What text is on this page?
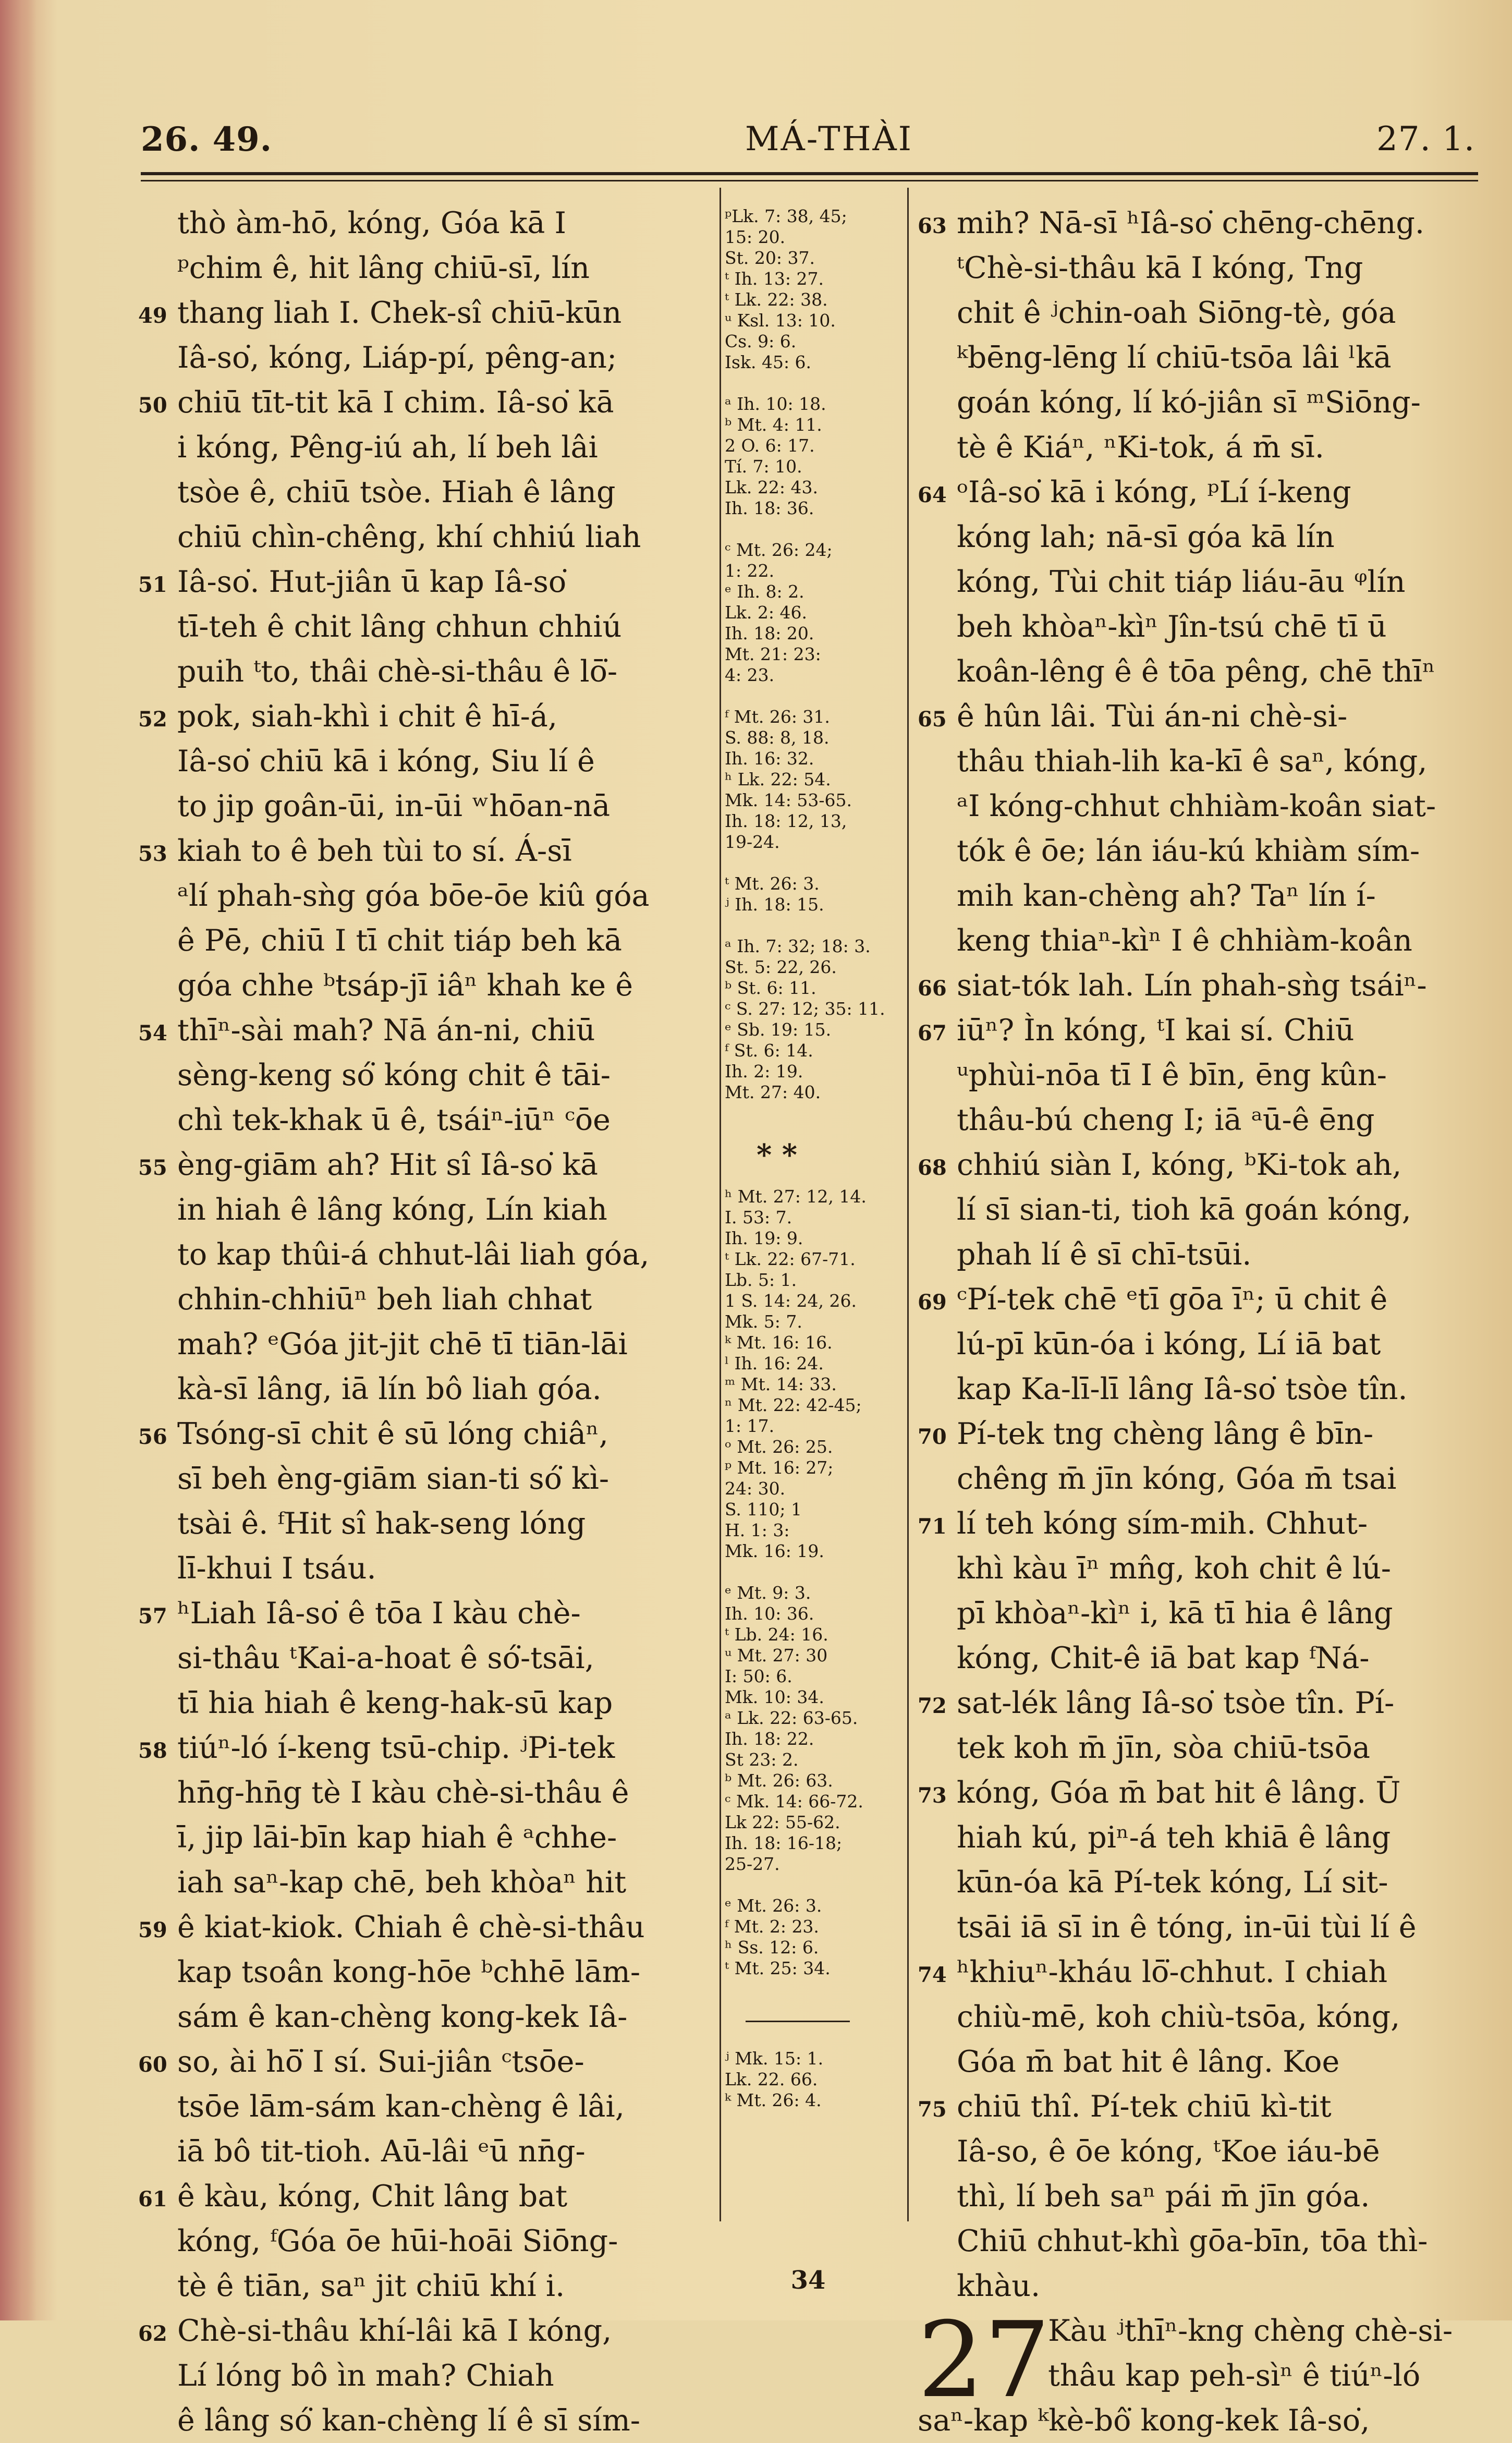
26. 49.	MÁ-THÀI	27. 1.
thò àm-hō, kóng, Góa kā I
ᵖchim ê, hit lâng chiū-sī, lín
49 thang liah I. Chek-sî chiū-kūn
Iâ-so͘, kóng, Liáp-pí, pêng-an;
50 chiū tīt-tit kā I chim. Iâ-so͘ kā
i kóng, Pêng-iú ah, lí beh lâi
tsòe ê, chiū tsòe. Hiah ê lâng
chiū chìn-chêng, khí chhiú liah
51 Iâ-so͘. Hut-jiân ū kap Iâ-so͘
tī-teh ê chit lâng chhun chhiú
puih ᵗto, thâi chè-si-thâu ê lō͘-
52 pok, siah-khì i chit ê hī-á,
Iâ-so͘ chiū kā i kóng, Siu lí ê
to jip goân-ūi, in-ūi ʷhōan-nā
53 kiah to ê beh tùi to sí. Á-sī
ᵃlí phah-sǹg góa bōe-ōe kiû góa
ê Pē, chiū I tī chit tiáp beh kā
góa chhe ᵇtsáp-jī iâⁿ khah ke ê
54 thīⁿ-sài mah? Nā án-ni, chiū
sèng-keng só͘ kóng chit ê tāi-
chì tek-khak ū ê, tsáiⁿ-iūⁿ ᶜōe
55 èng-giām ah? Hit sî Iâ-so͘ kā
in hiah ê lâng kóng, Lín kiah
to kap thûi-á chhut-lâi liah góa,
chhin-chhiūⁿ beh liah chhat
mah? ᵉGóa jit-jit chē tī tiān-lāi
kà-sī lâng, iā lín bô liah góa.
56 Tsóng-sī chit ê sū lóng chiâⁿ,
sī beh èng-giām sian-ti só͘ kì-
tsài ê. ᶠHit sî hak-seng lóng
lī-khui I tsáu.
57 ʰLiah Iâ-so͘ ê tōa I kàu chè-
si-thâu ᵗKai-a-hoat ê só͘-tsāi,
tī hia hiah ê keng-hak-sū kap
58 tiúⁿ-ló í-keng tsū-chip. ʲPi-tek
hn̄g-hn̄g tè I kàu chè-si-thâu ê
ī, jip lāi-bīn kap hiah ê ᵃchhe-
iah saⁿ-kap chē, beh khòaⁿ hit
59 ê kiat-kiok. Chiah ê chè-si-thâu
kap tsoân kong-hōe ᵇchhē lām-
sám ê kan-chèng kong-kek Iâ-
60 so, ài hō͘ I sí. Sui-jiân ᶜtsōe-
tsōe lām-sám kan-chèng ê lâi,
iā bô tit-tioh. Aū-lâi ᵉū nn̄g-
61 ê kàu, kóng, Chit lâng bat
kóng, ᶠGóa ōe hūi-hoāi Siōng-
tè ê tiān, saⁿ jit chiū khí i.
62 Chè-si-thâu khí-lâi kā I kóng,
Lí lóng bô ìn mah? Chiah
ê lâng só͘ kan-chèng lí ê sī sím-
ᵖLk. 7: 38, 45;
15: 20.
St. 20: 37.
ᵗ Ih. 13: 27.
ᵗ Lk. 22: 38.
ᵘ Ksl. 13: 10.
Cs. 9: 6.
Isk. 45: 6.
ᵃ Ih. 10: 18.
ᵇ Mt. 4: 11.
2 O. 6: 17.
Tí. 7: 10.
Lk. 22: 43.
Ih. 18: 36.
ᶜ Mt. 26: 24;
1: 22.
ᵉ Ih. 8: 2.
Lk. 2: 46.
Ih. 18: 20.
Mt. 21: 23:
4: 23.
ᶠ Mt. 26: 31.
S. 88: 8, 18.
Ih. 16: 32.
ʰ Lk. 22: 54.
Mk. 14: 53-65.
Ih. 18: 12, 13,
19-24.
ᵗ Mt. 26: 3.
ʲ Ih. 18: 15.
ᵃ Ih. 7: 32; 18: 3.
St. 5: 22, 26.
ᵇ St. 6: 11.
ᶜ S. 27: 12; 35: 11.
ᵉ Sb. 19: 15.
ᶠ St. 6: 14.
Ih. 2: 19.
Mt. 27: 40.
* *
ʰ Mt. 27: 12, 14.
I. 53: 7.
Ih. 19: 9.
ᵗ Lk. 22: 67-71.
Lb. 5: 1.
1 S. 14: 24, 26.
Mk. 5: 7.
ᵏ Mt. 16: 16.
ˡ Ih. 16: 24.
ᵐ Mt. 14: 33.
ⁿ Mt. 22: 42-45;
1: 17.
ᵒ Mt. 26: 25.
ᵖ Mt. 16: 27;
24: 30.
S. 110; 1
H. 1: 3:
Mk. 16: 19.
ᵉ Mt. 9: 3.
Ih. 10: 36.
ᵗ Lb. 24: 16.
ᵘ Mt. 27: 30
I: 50: 6.
Mk. 10: 34.
ᵃ Lk. 22: 63-65.
Ih. 18: 22.
St 23: 2.
ᵇ Mt. 26: 63.
ᶜ Mk. 14: 66-72.
Lk 22: 55-62.
Ih. 18: 16-18;
25-27.
ᵉ Mt. 26: 3.
ᶠ Mt. 2: 23.
ʰ Ss. 12: 6.
ᵗ Mt. 25: 34.
ʲ Mk. 15: 1.
Lk. 22. 66.
ᵏ Mt. 26: 4.
63 mih? Nā-sī ʰIâ-so͘ chēng-chēng.
ᵗChè-si-thâu kā I kóng, Tng
chit ê ʲchin-oah Siōng-tè, góa
ᵏbēng-lēng lí chiū-tsōa lâi ˡkā
goán kóng, lí kó-jiân sī ᵐSiōng-
tè ê Kiáⁿ, ⁿKi-tok, á m̄ sī.
64 ᵒIâ-so͘ kā i kóng, ᵖLí í-keng
kóng lah; nā-sī góa kā lín
kóng, Tùi chit tiáp liáu-āu ᵠlín
beh khòaⁿ-kìⁿ Jîn-tsú chē tī ū
koân-lêng ê ê tōa pêng, chē thīⁿ
65 ê hûn lâi. Tùi án-ni chè-si-
thâu thiah-lih ka-kī ê saⁿ, kóng,
ᵃI kóng-chhut chhiàm-koân siat-
tók ê ōe; lán iáu-kú khiàm sím-
mih kan-chèng ah? Taⁿ lín í-
keng thiaⁿ-kìⁿ I ê chhiàm-koân
66 siat-tók lah. Lín phah-sǹg tsáiⁿ-
67 iūⁿ? Ìn kóng, ᵗI kai sí. Chiū
ᵘphùi-nōa tī I ê bīn, ēng kûn-
thâu-bú cheng I; iā ᵃū-ê ēng
68 chhiú siàn I, kóng, ᵇKi-tok ah,
lí sī sian-ti, tioh kā goán kóng,
phah lí ê sī chī-tsūi.
69 ᶜPí-tek chē ᵉtī gōa īⁿ; ū chit ê
lú-pī kūn-óa i kóng, Lí iā bat
kap Ka-lī-lī lâng Iâ-so͘ tsòe tîn.
70 Pí-tek tng chèng lâng ê bīn-
chêng m̄ jīn kóng, Góa m̄ tsai
71 lí teh kóng sím-mih. Chhut-
khì kàu īⁿ mn̂g, koh chit ê lú-
pī khòaⁿ-kìⁿ i, kā tī hia ê lâng
kóng, Chit-ê iā bat kap ᶠNá-
72 sat-lék lâng Iâ-so͘ tsòe tîn. Pí-
tek koh m̄ jīn, sòa chiū-tsōa
73 kóng, Góa m̄ bat hit ê lâng. Ū
hiah kú, piⁿ-á teh khiā ê lâng
kūn-óa kā Pí-tek kóng, Lí sit-
tsāi iā sī in ê tóng, in-ūi tùi lí ê
74 ʰkhiuⁿ-kháu lō͘-chhut. I chiah
chiù-mē, koh chiù-tsōa, kóng,
Góa m̄ bat hit ê lâng. Koe
75 chiū thî. Pí-tek chiū kì-tit
Iâ-so, ê ōe kóng, ᵗKoe iáu-bē
thì, lí beh saⁿ pái m̄ jīn góa.
Chiū chhut-khì gōa-bīn, tōa thì-
khàu.
27
Kàu ʲthīⁿ-kng chèng chè-si-
thâu kap peh-sìⁿ ê tiúⁿ-ló
saⁿ-kap ᵏkè-bô͘ kong-kek Iâ-so͘,
34
